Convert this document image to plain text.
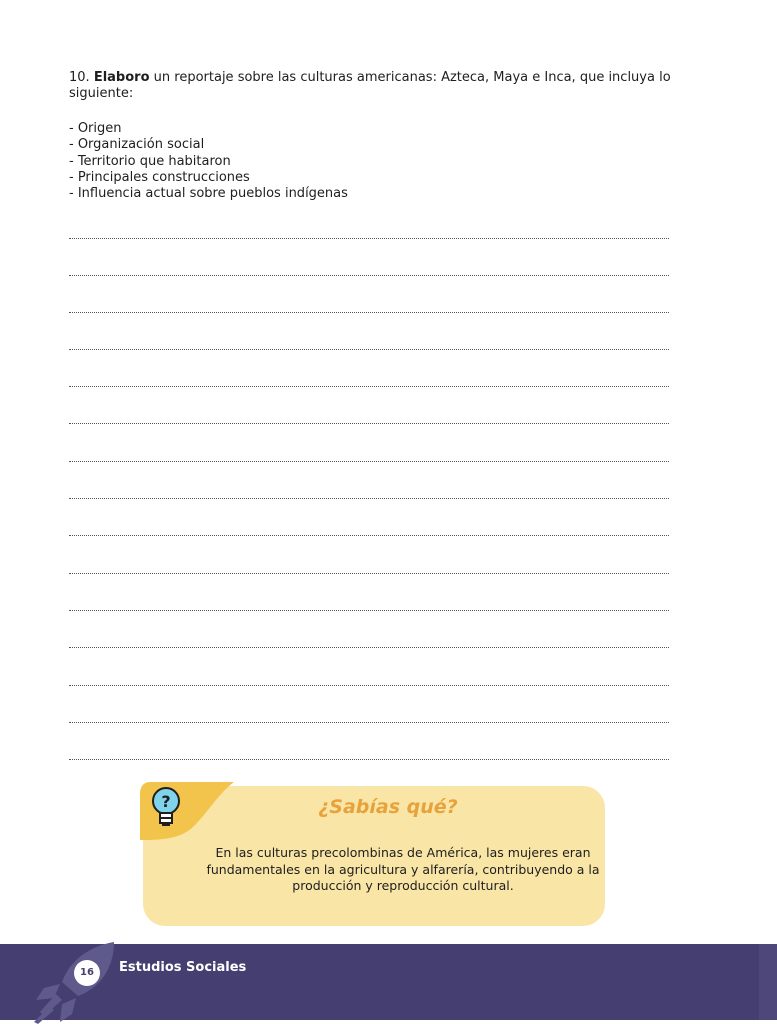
10. Elaboro un reportaje sobre las culturas americanas: Azteca, Maya e Inca, que incluya lo siguiente:

- Origen
- Organización social
- Territorio que habitaron
- Principales construcciones
- Influencia actual sobre pueblos indígenas
?	¿Sabías qué?
En las culturas precolombinas de América, las mujeres eran fundamentales en la agricultura y alfarería, contribuyendo a la producción y reproducción cultural.
16	Estudios Sociales
